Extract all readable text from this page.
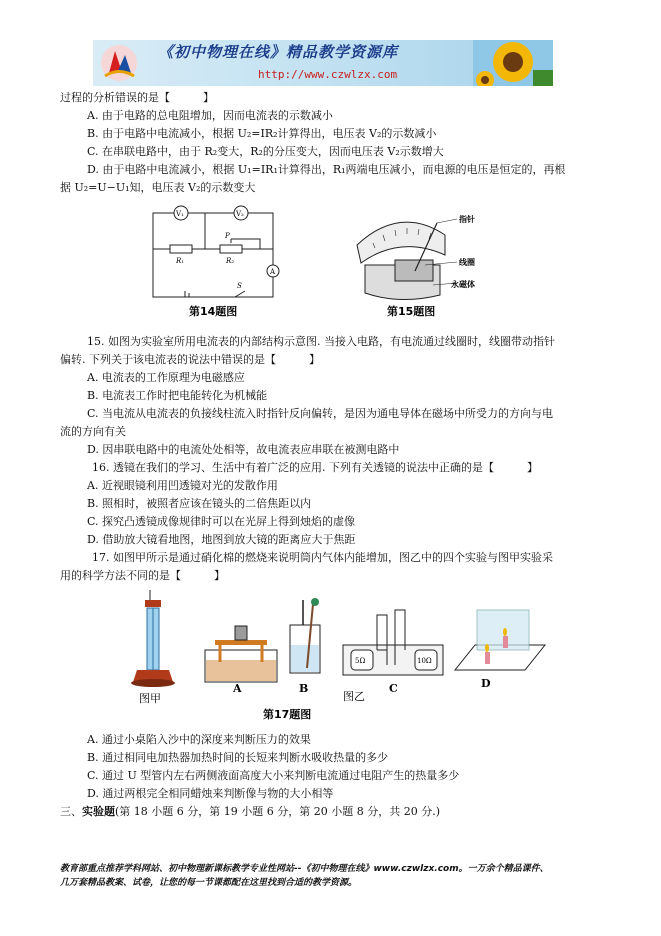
《初中物理在线》精品教学资源库
http://www.czwlzx.com
过程的分析错误的是【　　　】
A. 由于电路的总电阻增加，因而电流表的示数减小
B. 由于电路中电流减小，根据 U₂=IR₂计算得出，电压表 V₂的示数减小
C. 在串联电路中，由于 R₂变大，R₂的分压变大，因而电压表 V₂示数增大
D. 由于电路中电流减小，根据 U₁=IR₁计算得出，R₁两端电压减小，而电源的电压是恒定的，再根
据 U₂=U−U₁知，电压表 V₂的示数变大
V₁	V₂
R₁	R₂
P
A
S
第14题图
指针
线圈
永磁体
第15题图
15. 如图为实验室所用电流表的内部结构示意图. 当接入电路，有电流通过线圈时，线圈带动指针
偏转. 下列关于该电流表的说法中错误的是【　　　】
A. 电流表的工作原理为电磁感应
B. 电流表工作时把电能转化为机械能
C. 当电流从电流表的负接线柱流入时指针反向偏转，是因为通电导体在磁场中所受力的方向与电
流的方向有关
D. 因串联电路中的电流处处相等，故电流表应串联在被测电路中
16. 透镜在我们的学习、生活中有着广泛的应用. 下列有关透镜的说法中正确的是【　　　】
A. 近视眼镜利用凹透镜对光的发散作用
B. 照相时，被照者应该在镜头的二倍焦距以内
C. 探究凸透镜成像规律时可以在光屏上得到烛焰的虚像
D. 借助放大镜看地图，地图到放大镜的距离应大于焦距
17. 如图甲所示是通过硝化棉的燃烧来说明筒内气体内能增加，图乙中的四个实验与图甲实验采
用的科学方法不同的是【　　　】
图甲
A	B
5Ω	10Ω
C	D
图乙
第17题图
A. 通过小桌陷入沙中的深度来判断压力的效果
B. 通过相同电加热器加热时间的长短来判断水吸收热量的多少
C. 通过 U 型管内左右两侧液面高度大小来判断电流通过电阻产生的热量多少
D. 通过两根完全相同蜡烛来判断像与物的大小相等
三、实验题(第 18 小题 6 分，第 19 小题 6 分，第 20 小题 8 分，共 20 分.)
教育部重点推荐学科网站、初中物理新课标教学专业性网站--《初中物理在线》www.czwlzx.com。一万余个精品课件、
几万套精品教案、试卷，让您的每一节课都配在这里找到合适的教学资源。
